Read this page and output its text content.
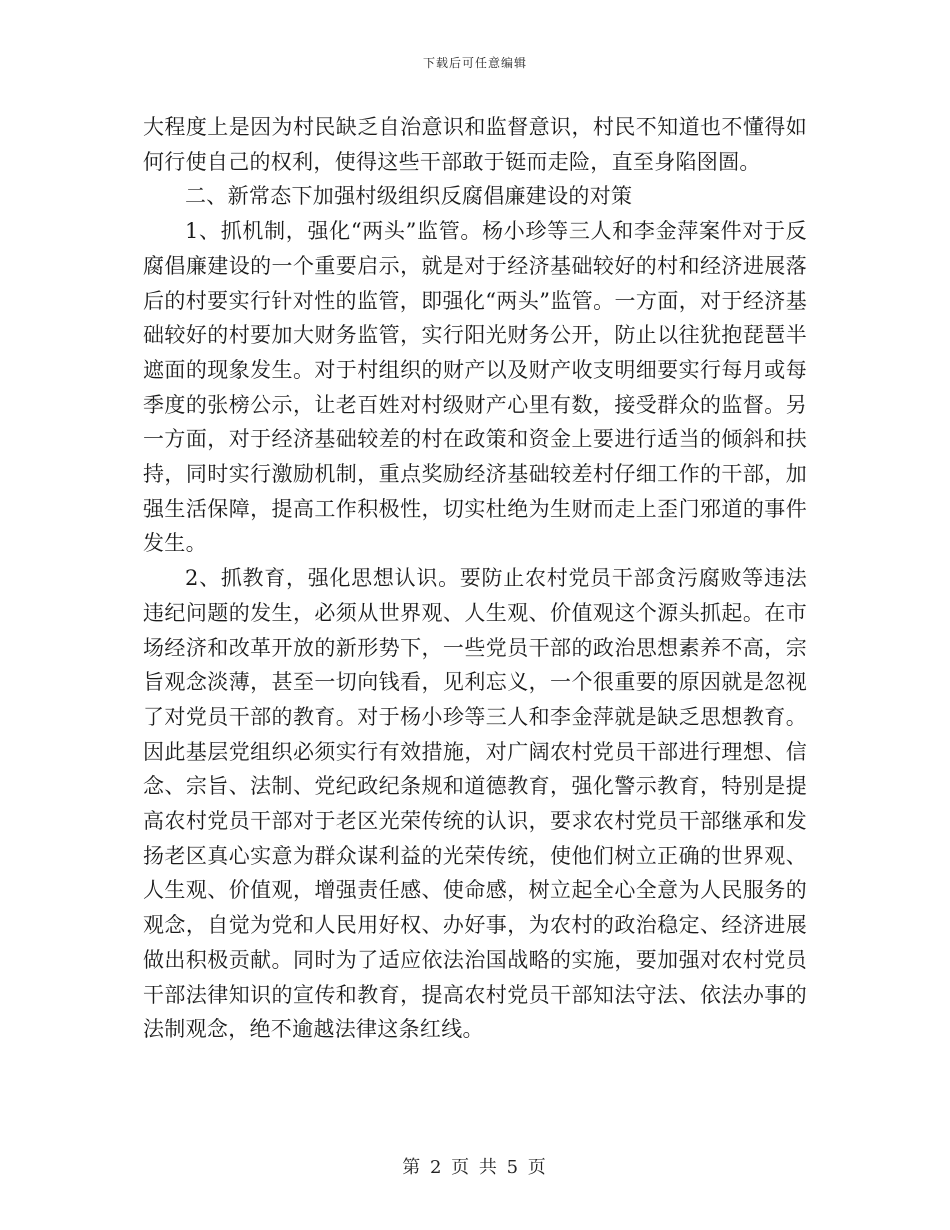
下载后可任意编辑

大程度上是因为村民缺乏自治意识和监督意识，村民不知道也不懂得如何行使自己的权利，使得这些干部敢于铤而走险，直至身陷囹圄。

二、新常态下加强村级组织反腐倡廉建设的对策

1、抓机制，强化“两头”监管。杨小珍等三人和李金萍案件对于反腐倡廉建设的一个重要启示，就是对于经济基础较好的村和经济进展落后的村要实行针对性的监管，即强化“两头”监管。一方面，对于经济基础较好的村要加大财务监管，实行阳光财务公开，防止以往犹抱琵琶半遮面的现象发生。对于村组织的财产以及财产收支明细要实行每月或每季度的张榜公示，让老百姓对村级财产心里有数，接受群众的监督。另一方面，对于经济基础较差的村在政策和资金上要进行适当的倾斜和扶持，同时实行激励机制，重点奖励经济基础较差村仔细工作的干部，加强生活保障，提高工作积极性，切实杜绝为生财而走上歪门邪道的事件发生。

2、抓教育，强化思想认识。要防止农村党员干部贪污腐败等违法违纪问题的发生，必须从世界观、人生观、价值观这个源头抓起。在市场经济和改革开放的新形势下，一些党员干部的政治思想素养不高，宗旨观念淡薄，甚至一切向钱看，见利忘义，一个很重要的原因就是忽视了对党员干部的教育。对于杨小珍等三人和李金萍就是缺乏思想教育。因此基层党组织必须实行有效措施，对广阔农村党员干部进行理想、信念、宗旨、法制、党纪政纪条规和道德教育，强化警示教育，特别是提高农村党员干部对于老区光荣传统的认识，要求农村党员干部继承和发扬老区真心实意为群众谋利益的光荣传统，使他们树立正确的世界观、人生观、价值观，增强责任感、使命感，树立起全心全意为人民服务的观念，自觉为党和人民用好权、办好事，为农村的政治稳定、经济进展做出积极贡献。同时为了适应依法治国战略的实施，要加强对农村党员干部法律知识的宣传和教育，提高农村党员干部知法守法、依法办事的法制观念，绝不逾越法律这条红线。

第 2 页 共 5 页
